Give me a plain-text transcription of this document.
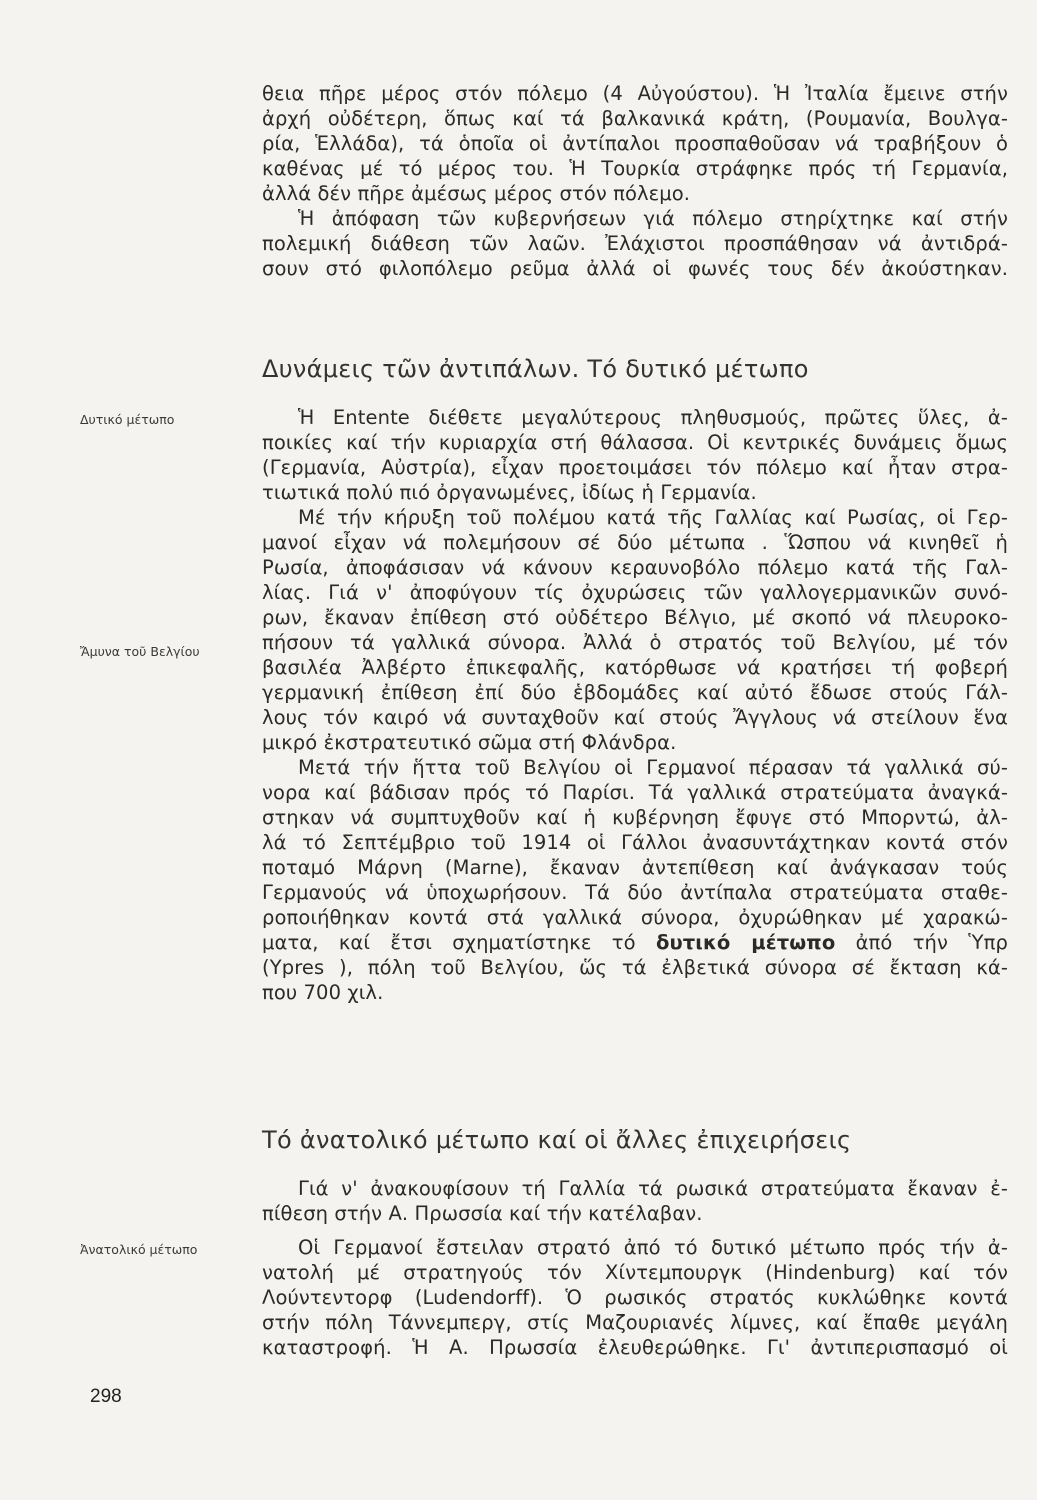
θεια πῆρε μέρος στόν πόλεμο (4 Αὐγούστου). Ἡ Ἰταλία ἔμεινε στήν
ἀρχή οὐδέτερη, ὅπως καί τά βαλκανικά κράτη, (Ρουμανία, Βουλγα-
ρία, Ἑλλάδα), τά ὁποῖα οἱ ἀντίπαλοι προσπαθοῦσαν νά τραβήξουν ὁ
καθένας μέ τό μέρος του. Ἡ Τουρκία στράφηκε πρός τή Γερμανία,
ἀλλά δέν πῆρε ἀμέσως μέρος στόν πόλεμο.
Ἡ ἀπόφαση τῶν κυβερνήσεων γιά πόλεμο στηρίχτηκε καί στήν
πολεμική διάθεση τῶν λαῶν. Ἐλάχιστοι προσπάθησαν νά ἀντιδρά-
σουν στό φιλοπόλεμο ρεῦμα ἀλλά οἱ φωνές τους δέν ἀκούστηκαν.
Δυνάμεις τῶν ἀντιπάλων. Τό δυτικό μέτωπο
Δυτικό μέτωπο
Ἄμυνα τοῦ Βελγίου
Ἀνατολικό μέτωπο
Ἡ Entente διέθετε μεγαλύτερους πληθυσμούς, πρῶτες ὕλες, ἀ-
ποικίες καί τήν κυριαρχία στή θάλασσα. Οἱ κεντρικές δυνάμεις ὅμως
(Γερμανία, Αὐστρία), εἶχαν προετοιμάσει τόν πόλεμο καί ἦταν στρα-
τιωτικά πολύ πιό ὀργανωμένες, ἰδίως ἡ Γερμανία.
Μέ τήν κήρυξη τοῦ πολέμου κατά τῆς Γαλλίας καί Ρωσίας, οἱ Γερ-
μανοί εἶχαν νά πολεμήσουν σέ δύο μέτωπα . Ὥσπου νά κινηθεῖ ἡ
Ρωσία, ἀποφάσισαν νά κάνουν κεραυνοβόλο πόλεμο κατά τῆς Γαλ-
λίας. Γιά ν' ἀποφύγουν τίς ὀχυρώσεις τῶν γαλλογερμανικῶν συνό-
ρων, ἔκαναν ἐπίθεση στό οὐδέτερο Βέλγιο, μέ σκοπό νά πλευροκο-
πήσουν τά γαλλικά σύνορα. Ἀλλά ὁ στρατός τοῦ Βελγίου, μέ τόν
βασιλέα Ἀλβέρτο ἐπικεφαλῆς, κατόρθωσε νά κρατήσει τή φοβερή
γερμανική ἐπίθεση ἐπί δύο ἑβδομάδες καί αὐτό ἔδωσε στούς Γάλ-
λους τόν καιρό νά συνταχθοῦν καί στούς Ἄγγλους νά στείλουν ἕνα
μικρό ἐκστρατευτικό σῶμα στή Φλάνδρα.
Μετά τήν ἥττα τοῦ Βελγίου οἱ Γερμανοί πέρασαν τά γαλλικά σύ-
νορα καί βάδισαν πρός τό Παρίσι. Τά γαλλικά στρατεύματα ἀναγκά-
στηκαν νά συμπτυχθοῦν καί ἡ κυβέρνηση ἔφυγε στό Μπορντώ, ἀλ-
λά τό Σεπτέμβριο τοῦ 1914 οἱ Γάλλοι ἀνασυντάχτηκαν κοντά στόν
ποταμό Μάρνη (Marne), ἔκαναν ἀντεπίθεση καί ἀνάγκασαν τούς
Γερμανούς νά ὑποχωρήσουν. Τά δύο ἀντίπαλα στρατεύματα σταθε-
ροποιήθηκαν κοντά στά γαλλικά σύνορα, ὀχυρώθηκαν μέ χαρακώ-
ματα, καί ἔτσι σχηματίστηκε τό δυτικό μέτωπο ἀπό τήν Ὑπρ
(Ypres ), πόλη τοῦ Βελγίου, ὥς τά ἐλβετικά σύνορα σέ ἔκταση κά-
που 700 χιλ.
Τό ἀνατολικό μέτωπο καί οἱ ἄλλες ἐπιχειρήσεις
Γιά ν' ἀνακουφίσουν τή Γαλλία τά ρωσικά στρατεύματα ἔκαναν ἐ-
πίθεση στήν Α. Πρωσσία καί τήν κατέλαβαν.
Οἱ Γερμανοί ἔστειλαν στρατό ἀπό τό δυτικό μέτωπο πρός τήν ἀ-
νατολή μέ στρατηγούς τόν Χίντεμπουργκ (Hindenburg) καί τόν
Λούντεντορφ (Ludendorff). Ὁ ρωσικός στρατός κυκλώθηκε κοντά
στήν πόλη Τάννεμπεργ, στίς Μαζουριανές λίμνες, καί ἔπαθε μεγάλη
καταστροφή. Ἡ Α. Πρωσσία ἐλευθερώθηκε. Γι' ἀντιπερισπασμό οἱ
298
